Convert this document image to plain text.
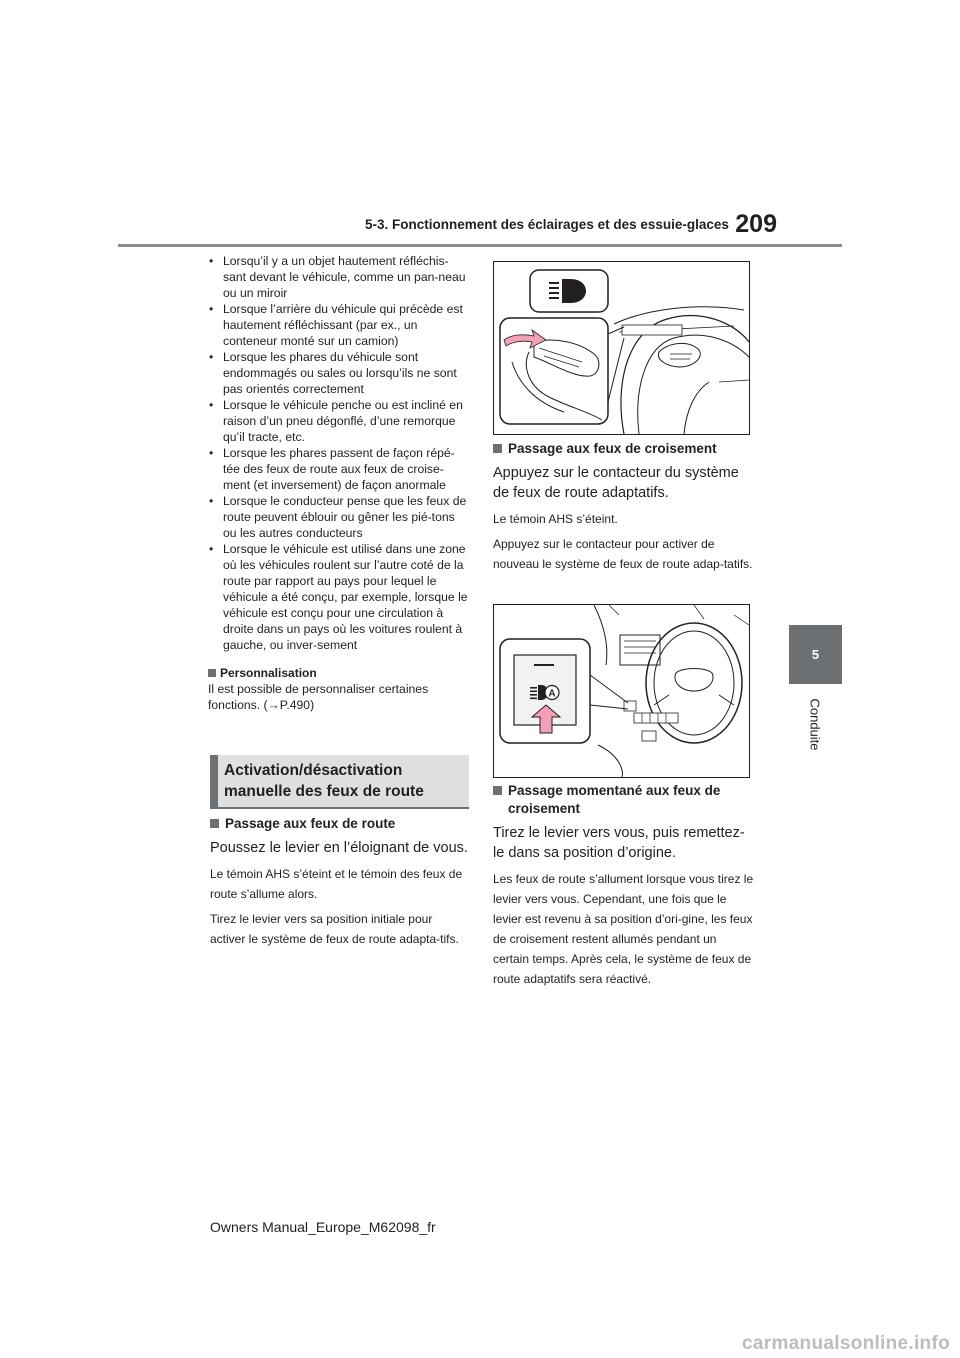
5-3. Fonctionnement des éclairages et des essuie-glaces 209
5
Conduite
• Lorsqu’il y a un objet hautement réfléchis-sant devant le véhicule, comme un pan-neau ou un miroir
• Lorsque l’arrière du véhicule qui précède est hautement réfléchissant (par ex., un conteneur monté sur un camion)
• Lorsque les phares du véhicule sont endommagés ou sales ou lorsqu’ils ne sont pas orientés correctement
• Lorsque le véhicule penche ou est incliné en raison d’un pneu dégonflé, d’une remorque qu’il tracte, etc.
• Lorsque les phares passent de façon répé-tée des feux de route aux feux de croise-ment (et inversement) de façon anormale
• Lorsque le conducteur pense que les feux de route peuvent éblouir ou gêner les pié-tons ou les autres conducteurs
• Lorsque le véhicule est utilisé dans une zone où les véhicules roulent sur l’autre coté de la route par rapport au pays pour lequel le véhicule a été conçu, par exemple, lorsque le véhicule est conçu pour une circulation à droite dans un pays où les voitures roulent à gauche, ou inver-sement
Personnalisation
Il est possible de personnaliser certaines fonctions. (→P.490)
Activation/désactivation manuelle des feux de route
Passage aux feux de route
Poussez le levier en l’éloignant de vous.
Le témoin AHS s’éteint et le témoin des feux de route s’allume alors.
Tirez le levier vers sa position initiale pour activer le système de feux de route adapta-tifs.
Passage aux feux de croisement
Appuyez sur le contacteur du système de feux de route adaptatifs.
Le témoin AHS s’éteint.
Appuyez sur le contacteur pour activer de nouveau le système de feux de route adap-tatifs.
A
Passage momentané aux feux de croisement
Tirez le levier vers vous, puis remettez-le dans sa position d’origine.
Les feux de route s’allument lorsque vous tirez le levier vers vous. Cependant, une fois que le levier est revenu à sa position d’ori-gine, les feux de croisement restent allumés pendant un certain temps. Après cela, le système de feux de route adaptatifs sera réactivé.
Owners Manual_Europe_M62098_fr
carmanualsonline.info
